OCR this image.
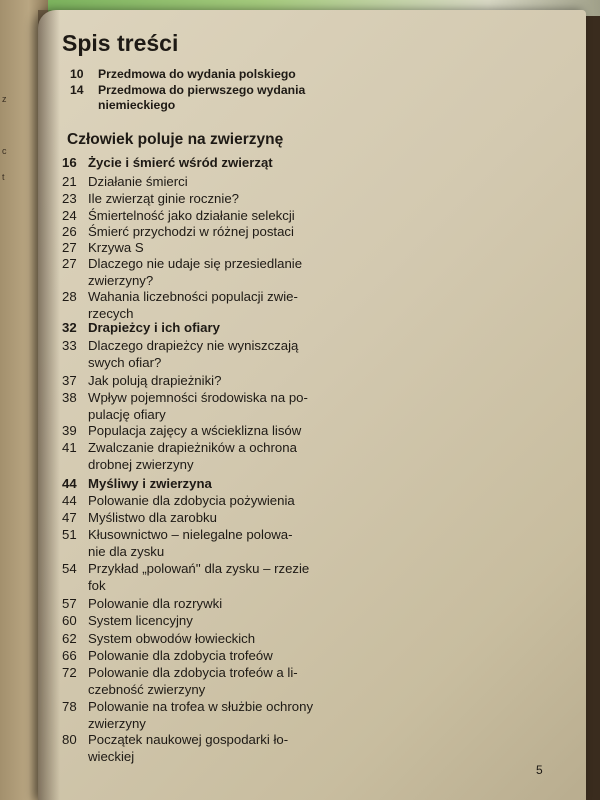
z
c
t
Spis treści
10	Przedmowa do wydania polskiego
14	Przedmowa do pierwszego wydania
niemieckiego
Człowiek poluje na zwierzynę
16 Życie i śmierć wśród zwierząt
21 Działanie śmierci
23 Ile zwierząt ginie rocznie?
24 Śmiertelność jako działanie selekcji
26 Śmierć przychodzi w różnej postaci
27 Krzywa S
27 Dlaczego nie udaje się przesiedlanie
zwierzyny?
28 Wahania liczebności populacji zwie-
rzecych
32 Drapieżcy i ich ofiary
33 Dlaczego drapieżcy nie wyniszczają
swych ofiar?
37 Jak polują drapieżniki?
38 Wpływ pojemności środowiska na po-
pulację ofiary
39 Populacja zajęcy a wścieklizna lisów
41 Zwalczanie drapieżników a ochrona
drobnej zwierzyny
44 Myśliwy i zwierzyna
44 Polowanie dla zdobycia pożywienia
47 Myślistwo dla zarobku
51 Kłusownictwo – nielegalne polowa-
nie dla zysku
54 Przykład „polowań'' dla zysku – rzezie
fok
57 Polowanie dla rozrywki
60 System licencyjny
62 System obwodów łowieckich
66 Polowanie dla zdobycia trofeów
72 Polowanie dla zdobycia trofeów a li-
czebność zwierzyny
78 Polowanie na trofea w służbie ochrony
zwierzyny
80 Początek naukowej gospodarki ło-
wieckiej
5
